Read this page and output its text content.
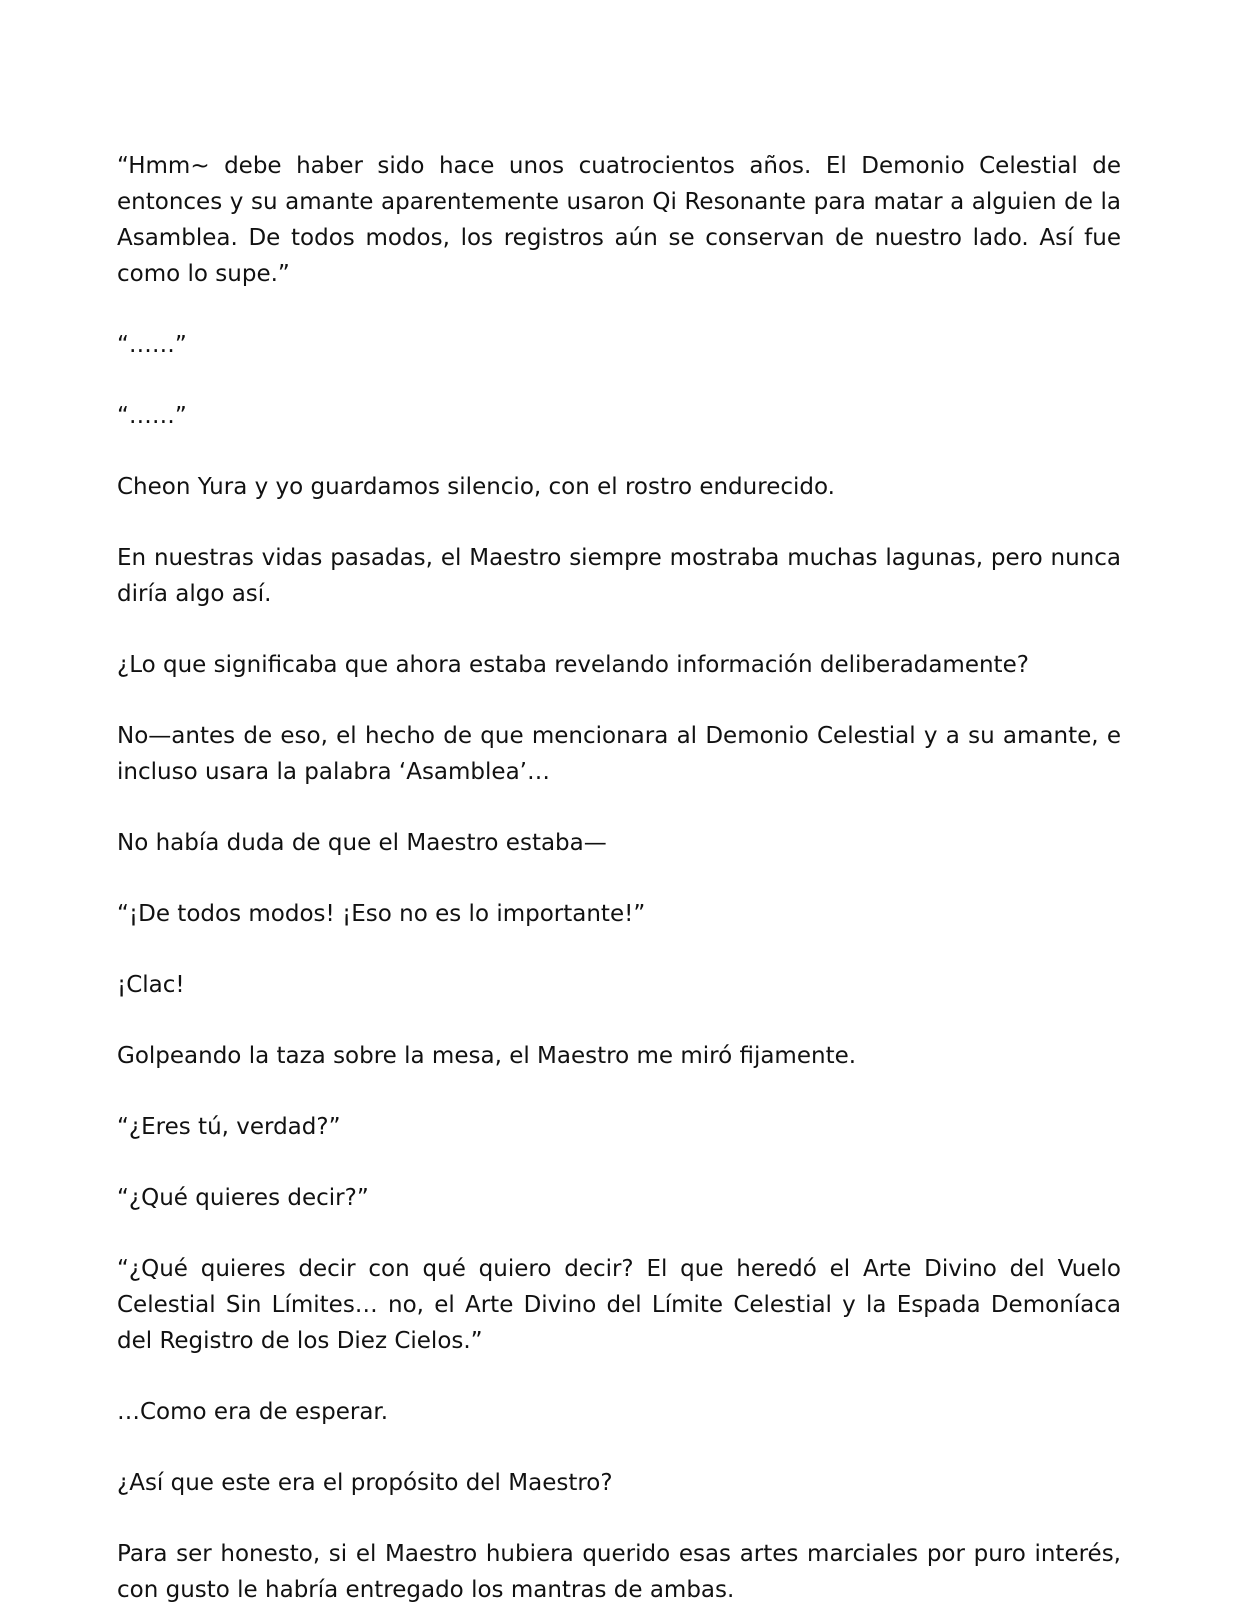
“Hmm~ debe haber sido hace unos cuatrocientos años. El Demonio Celestial de entonces y su amante aparentemente usaron Qi Resonante para matar a alguien de la Asamblea. De todos modos, los registros aún se conservan de nuestro lado. Así fue como lo supe.”

“……”

“……”

Cheon Yura y yo guardamos silencio, con el rostro endurecido.

En nuestras vidas pasadas, el Maestro siempre mostraba muchas lagunas, pero nunca diría algo así.

¿Lo que significaba que ahora estaba revelando información deliberadamente?

No—antes de eso, el hecho de que mencionara al Demonio Celestial y a su amante, e incluso usara la palabra ‘Asamblea’…

No había duda de que el Maestro estaba—

“¡De todos modos! ¡Eso no es lo importante!”

¡Clac!

Golpeando la taza sobre la mesa, el Maestro me miró fijamente.

“¿Eres tú, verdad?”

“¿Qué quieres decir?”

“¿Qué quieres decir con qué quiero decir? El que heredó el Arte Divino del Vuelo Celestial Sin Límites… no, el Arte Divino del Límite Celestial y la Espada Demoníaca del Registro de los Diez Cielos.”

…Como era de esperar.

¿Así que este era el propósito del Maestro?

Para ser honesto, si el Maestro hubiera querido esas artes marciales por puro interés, con gusto le habría entregado los mantras de ambas.
